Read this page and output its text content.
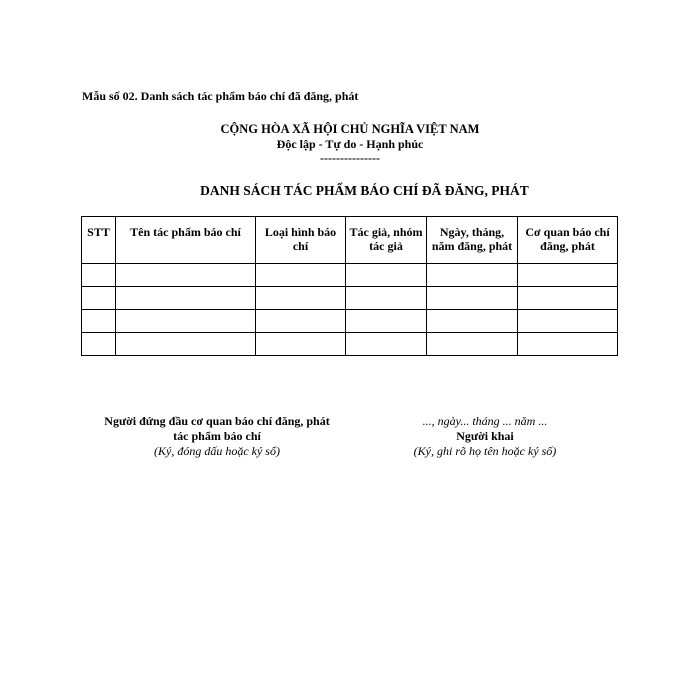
Mẫu số 02. Danh sách tác phẩm báo chí đã đăng, phát
CỘNG HÒA XÃ HỘI CHỦ NGHĨA VIỆT NAM
Độc lập - Tự do - Hạnh phúc
---------------
DANH SÁCH TÁC PHẨM BÁO CHÍ ĐÃ ĐĂNG, PHÁT
STT	Tên tác phẩm báo chí	Loại hình báo chí	Tác giả, nhóm tác giả	Ngày, tháng, năm đăng, phát	Cơ quan báo chí đăng, phát

Người đứng đầu cơ quan báo chí đăng, phát
tác phẩm báo chí
(Ký, đóng dấu hoặc ký số)
..., ngày... tháng ... năm ...
Người khai
(Ký, ghi rõ họ tên hoặc ký số)
